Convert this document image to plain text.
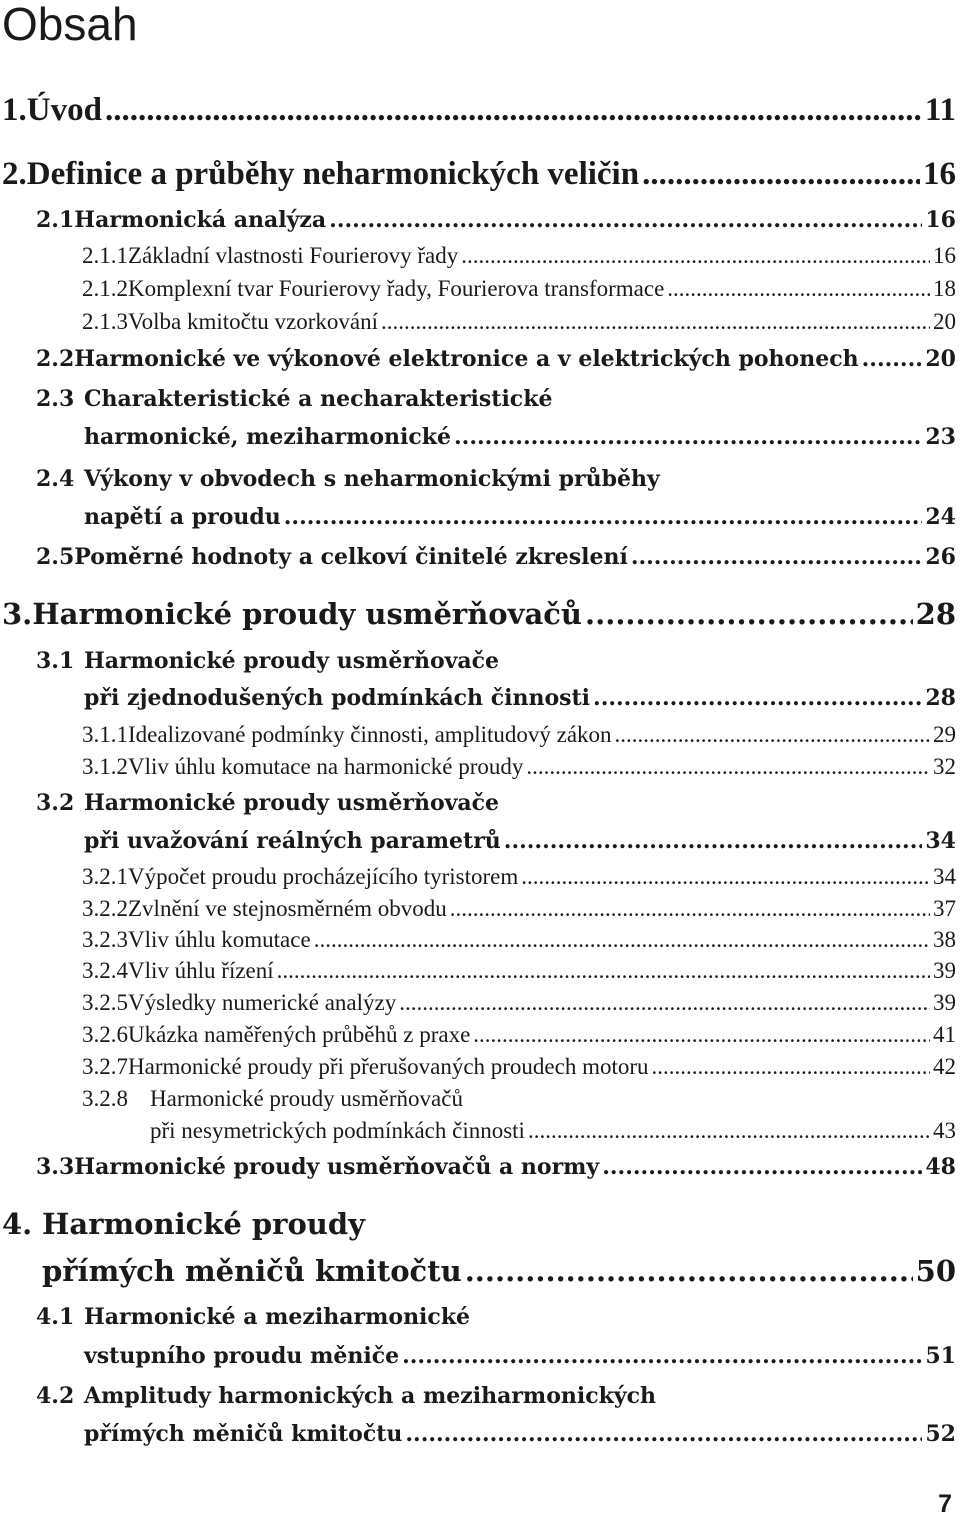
Obsah
1. Úvod .....	11
2. Definice a průběhy neharmonických veličin .....	16
2.1 Harmonická analýza .....	16
2.1.1 Základní vlastnosti Fourierovy řady .....	16
2.1.2 Komplexní tvar Fourierovy řady, Fourierova transformace .....	18
2.1.3 Volba kmitočtu vzorkování .....	20
2.2 Harmonické ve výkonové elektronice a v elektrických pohonech .....	20
2.3 Charakteristické a necharakteristické
harmonické, meziharmonické .....	23
2.4 Výkony v obvodech s neharmonickými průběhy
napětí a proudu .....	24
2.5 Poměrné hodnoty a celkoví činitelé zkreslení .....	26
3. Harmonické proudy usměrňovačů .....	28
3.1 Harmonické proudy usměrňovače
při zjednodušených podmínkách činnosti .....	28
3.1.1 Idealizované podmínky činnosti, amplitudový zákon .....	29
3.1.2 Vliv úhlu komutace na harmonické proudy .....	32
3.2 Harmonické proudy usměrňovače
při uvažování reálných parametrů .....	34
3.2.1 Výpočet proudu procházejícího tyristorem .....	34
3.2.2 Zvlnění ve stejnosměrném obvodu .....	37
3.2.3 Vliv úhlu komutace .....	38
3.2.4 Vliv úhlu řízení .....	39
3.2.5 Výsledky numerické analýzy .....	39
3.2.6 Ukázka naměřených průběhů z praxe .....	41
3.2.7 Harmonické proudy při přerušovaných proudech motoru .....	42
3.2.8 Harmonické proudy usměrňovačů
při nesymetrických podmínkách činnosti .....	43
3.3 Harmonické proudy usměrňovačů a normy .....	48
4. Harmonické proudy
přímých měničů kmitočtu .....	50
4.1 Harmonické a meziharmonické
vstupního proudu měniče .....	51
4.2 Amplitudy harmonických a meziharmonických
přímých měničů kmitočtu .....	52
7
